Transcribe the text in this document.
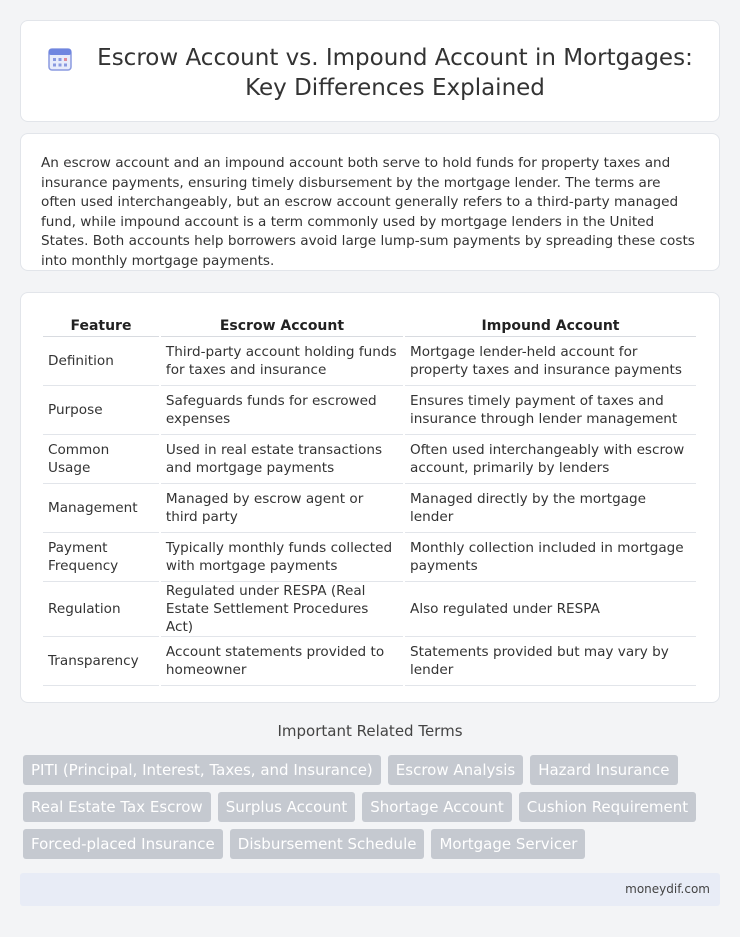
Escrow Account vs. Impound Account in Mortgages: Key Differences Explained

An escrow account and an impound account both serve to hold funds for property taxes and insurance payments, ensuring timely disbursement by the mortgage lender. The terms are often used interchangeably, but an escrow account generally refers to a third-party managed fund, while impound account is a term commonly used by mortgage lenders in the United States. Both accounts help borrowers avoid large lump-sum payments by spreading these costs into monthly mortgage payments.

Feature	Escrow Account	Impound Account
Definition	Third-party account holding funds for taxes and insurance	Mortgage lender-held account for property taxes and insurance payments
Purpose	Safeguards funds for escrowed expenses	Ensures timely payment of taxes and insurance through lender management
Common Usage	Used in real estate transactions and mortgage payments	Often used interchangeably with escrow account, primarily by lenders
Management	Managed by escrow agent or third party	Managed directly by the mortgage lender
Payment Frequency	Typically monthly funds collected with mortgage payments	Monthly collection included in mortgage payments
Regulation	Regulated under RESPA (Real Estate Settlement Procedures Act)	Also regulated under RESPA
Transparency	Account statements provided to homeowner	Statements provided but may vary by lender
Important Related Terms
PITI (Principal, Interest, Taxes, and Insurance)	Escrow Analysis	Hazard Insurance
Real Estate Tax Escrow	Surplus Account	Shortage Account	Cushion Requirement
Forced-placed Insurance	Disbursement Schedule	Mortgage Servicer
moneydif.com
